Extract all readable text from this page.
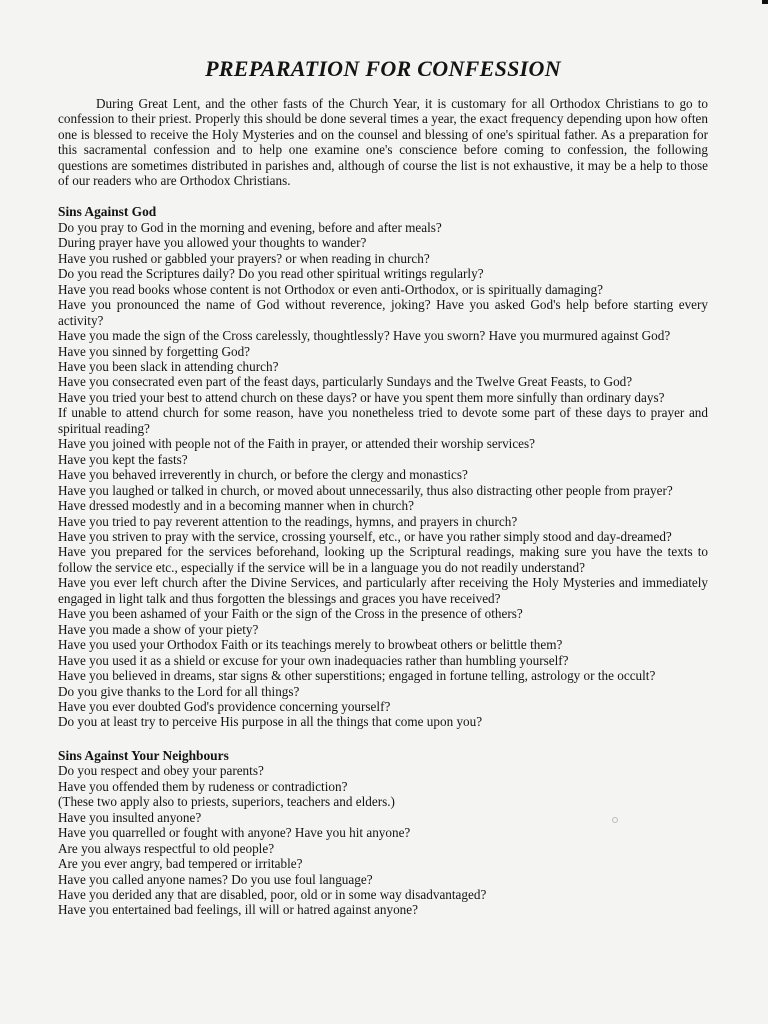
PREPARATION FOR CONFESSION

During Great Lent, and the other fasts of the Church Year, it is customary for all Orthodox Christians to go to confession to their priest. Properly this should be done several times a year, the exact frequency depending upon how often one is blessed to receive the Holy Mysteries and on the counsel and blessing of one's spiritual father. As a preparation for this sacramental confession and to help one examine one's conscience before coming to confession, the following questions are sometimes distributed in parishes and, although of course the list is not exhaustive, it may be a help to those of our readers who are Orthodox Christians.

Sins Against God
Do you pray to God in the morning and evening, before and after meals?
During prayer have you allowed your thoughts to wander?
Have you rushed or gabbled your prayers? or when reading in church?
Do you read the Scriptures daily? Do you read other spiritual writings regularly?
Have you read books whose content is not Orthodox or even anti-Orthodox, or is spiritually damaging?
Have you pronounced the name of God without reverence, joking? Have you asked God's help before starting every activity?
Have you made the sign of the Cross carelessly, thoughtlessly? Have you sworn? Have you murmured against God?
Have you sinned by forgetting God?
Have you been slack in attending church?
Have you consecrated even part of the feast days, particularly Sundays and the Twelve Great Feasts, to God?
Have you tried your best to attend church on these days? or have you spent them more sinfully than ordinary days?
If unable to attend church for some reason, have you nonetheless tried to devote some part of these days to prayer and spiritual reading?
Have you joined with people not of the Faith in prayer, or attended their worship services?
Have you kept the fasts?
Have you behaved irreverently in church, or before the clergy and monastics?
Have you laughed or talked in church, or moved about unnecessarily, thus also distracting other people from prayer?
Have dressed modestly and in a becoming manner when in church?
Have you tried to pay reverent attention to the readings, hymns, and prayers in church?
Have you striven to pray with the service, crossing yourself, etc., or have you rather simply stood and day-dreamed?
Have you prepared for the services beforehand, looking up the Scriptural readings, making sure you have the texts to follow the service etc., especially if the service will be in a language you do not readily understand?
Have you ever left church after the Divine Services, and particularly after receiving the Holy Mysteries and immediately engaged in light talk and thus forgotten the blessings and graces you have received?
Have you been ashamed of your Faith or the sign of the Cross in the presence of others?
Have you made a show of your piety?
Have you used your Orthodox Faith or its teachings merely to browbeat others or belittle them?
Have you used it as a shield or excuse for your own inadequacies rather than humbling yourself?
Have you believed in dreams, star signs & other superstitions; engaged in fortune telling, astrology or the occult?
Do you give thanks to the Lord for all things?
Have you ever doubted God's providence concerning yourself?
Do you at least try to perceive His purpose in all the things that come upon you?
Sins Against Your Neighbours
Do you respect and obey your parents?
Have you offended them by rudeness or contradiction?
(These two apply also to priests, superiors, teachers and elders.)
Have you insulted anyone?
Have you quarrelled or fought with anyone? Have you hit anyone?
Are you always respectful to old people?
Are you ever angry, bad tempered or irritable?
Have you called anyone names? Do you use foul language?
Have you derided any that are disabled, poor, old or in some way disadvantaged?
Have you entertained bad feelings, ill will or hatred against anyone?
